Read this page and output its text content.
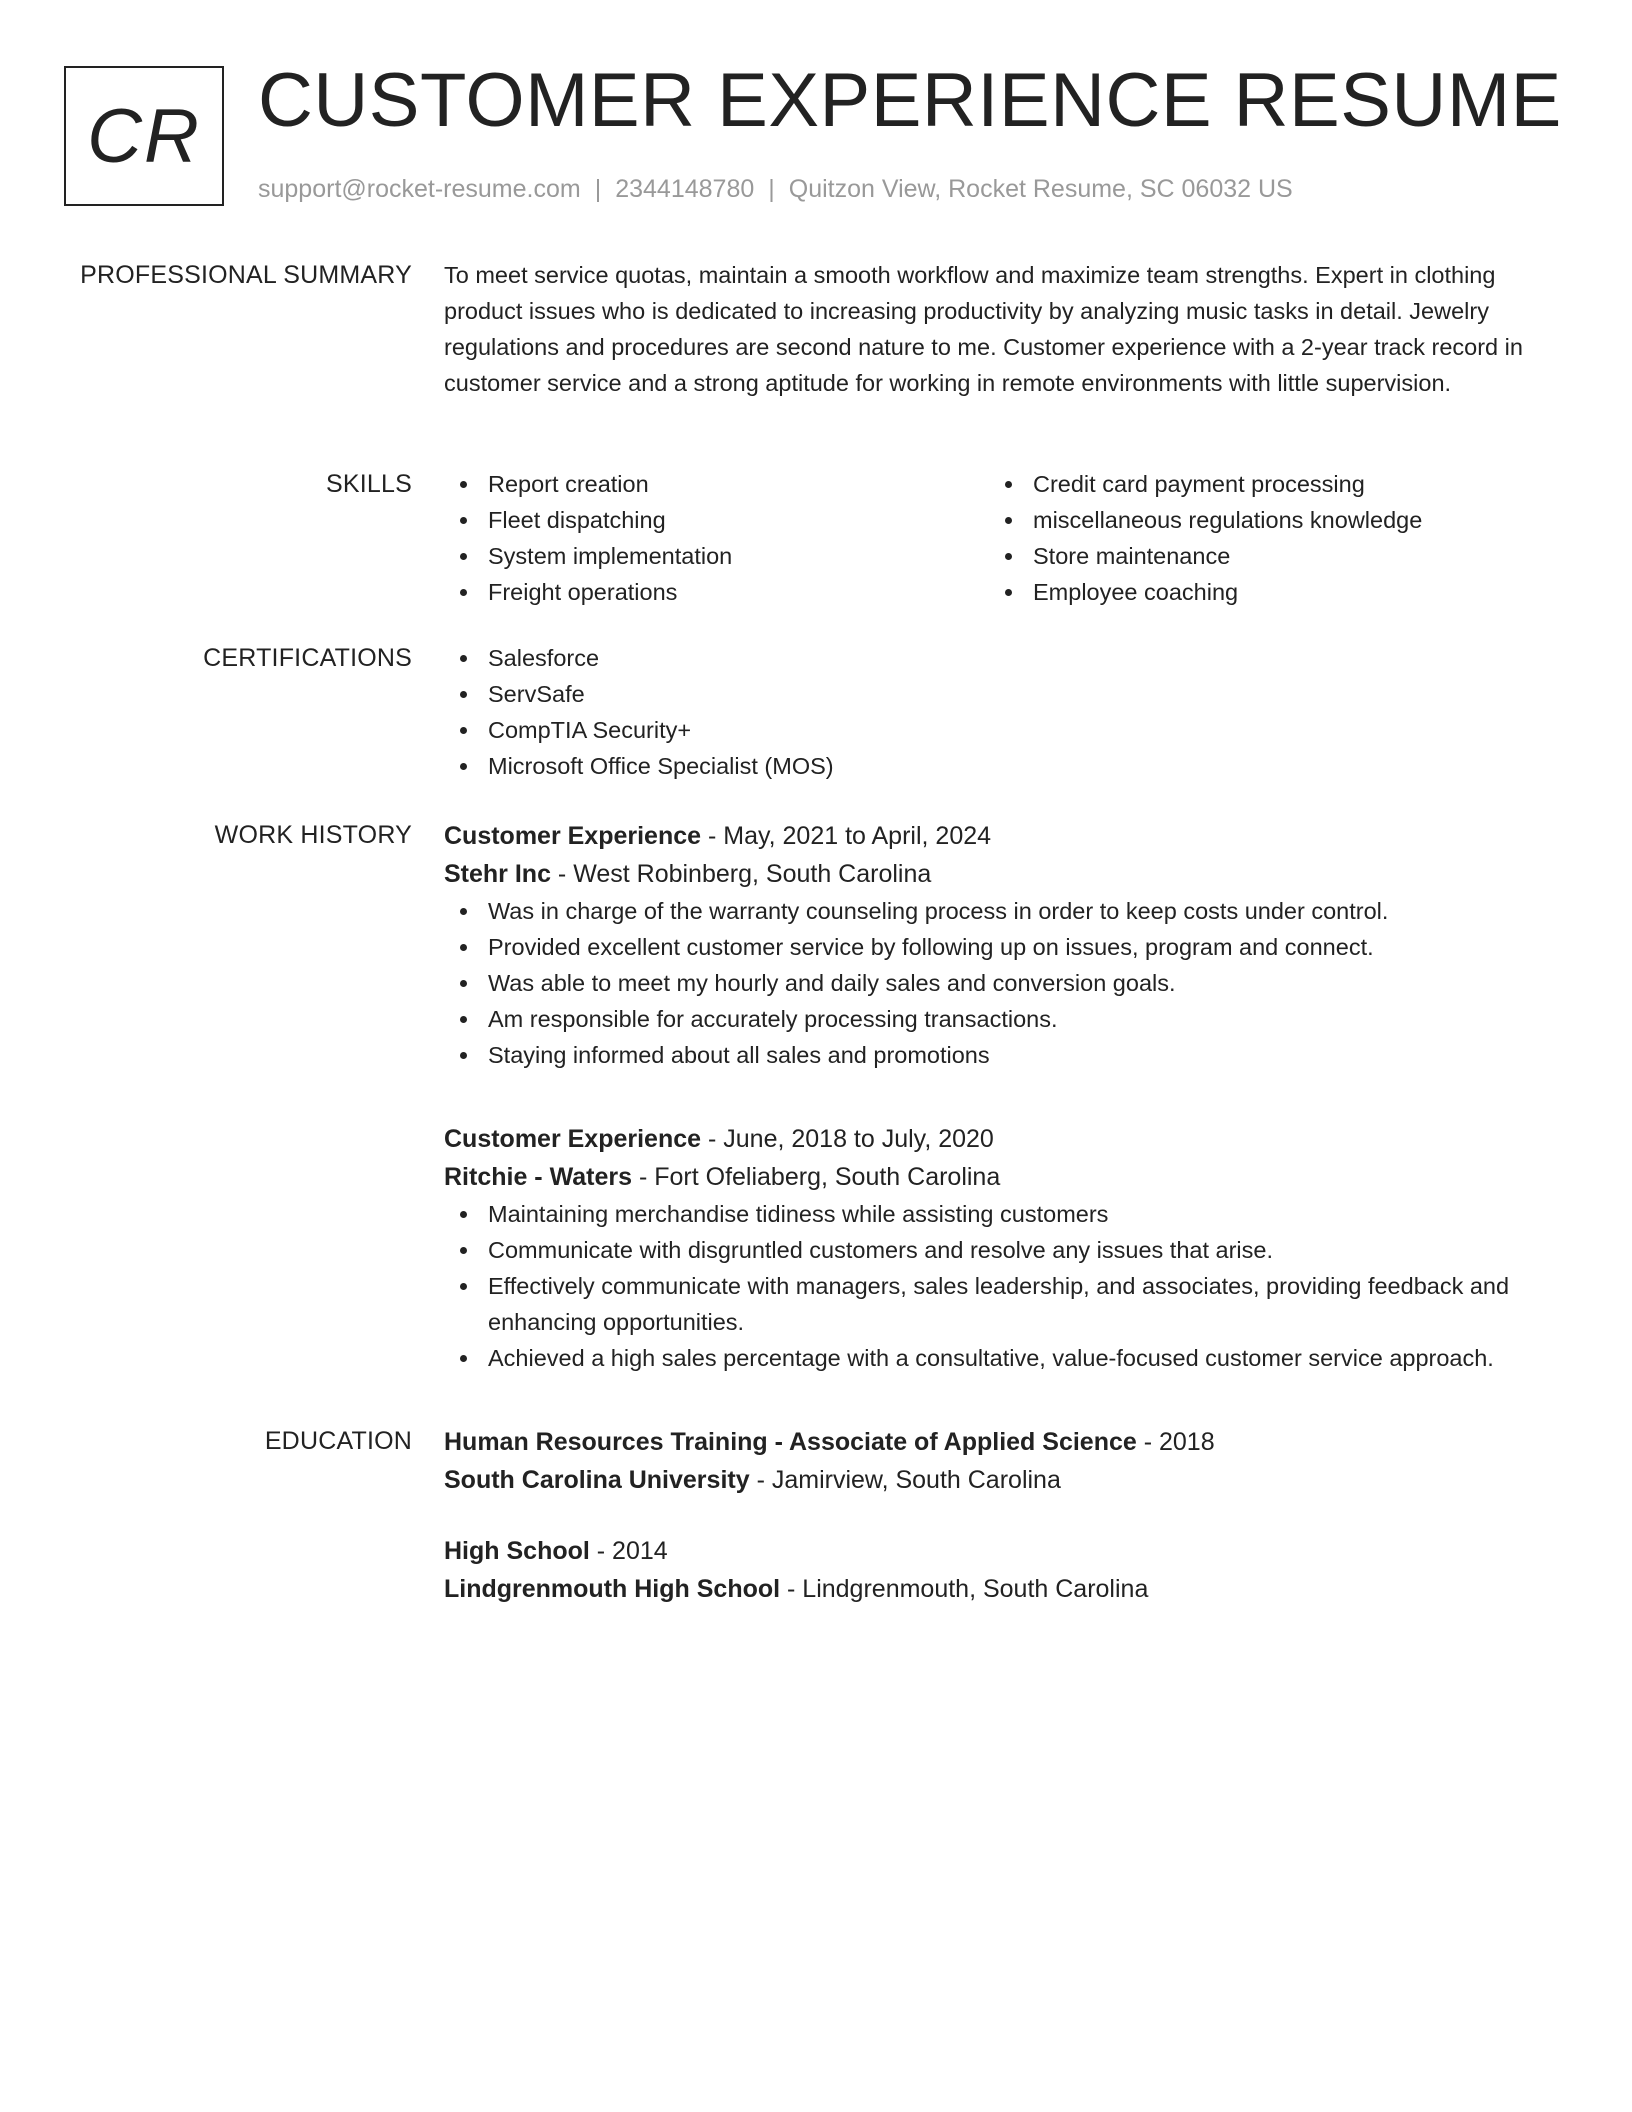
CR CUSTOMER EXPERIENCE RESUME
support@rocket-resume.com | 2344148780 | Quitzon View, Rocket Resume, SC 06032 US
PROFESSIONAL SUMMARY To meet service quotas, maintain a smooth workflow and maximize team strengths. Expert in clothing product issues who is dedicated to increasing productivity by analyzing music tasks in detail. Jewelry regulations and procedures are second nature to me. Customer experience with a 2-year track record in customer service and a strong aptitude for working in remote environments with little supervision.

SKILLS	Report creation
Fleet dispatching
System implementation
Freight operations
Credit card payment processing
miscellaneous regulations knowledge
Store maintenance
Employee coaching
CERTIFICATIONS	Salesforce
ServSafe
CompTIA Security+
Microsoft Office Specialist (MOS)
WORK HISTORY Customer Experience - May, 2021 to April, 2024
Stehr Inc - West Robinberg, South Carolina
Was in charge of the warranty counseling process in order to keep costs under control.
Provided excellent customer service by following up on issues, program and connect.
Was able to meet my hourly and daily sales and conversion goals.
Am responsible for accurately processing transactions.
Staying informed about all sales and promotions
Customer Experience - June, 2018 to July, 2020
Ritchie - Waters - Fort Ofeliaberg, South Carolina
Maintaining merchandise tidiness while assisting customers
Communicate with disgruntled customers and resolve any issues that arise.
Effectively communicate with managers, sales leadership, and associates, providing feedback and enhancing opportunities.
Achieved a high sales percentage with a consultative, value-focused customer service approach.
EDUCATION Human Resources Training - Associate of Applied Science - 2018
South Carolina University - Jamirview, South Carolina
High School - 2014
Lindgrenmouth High School - Lindgrenmouth, South Carolina
